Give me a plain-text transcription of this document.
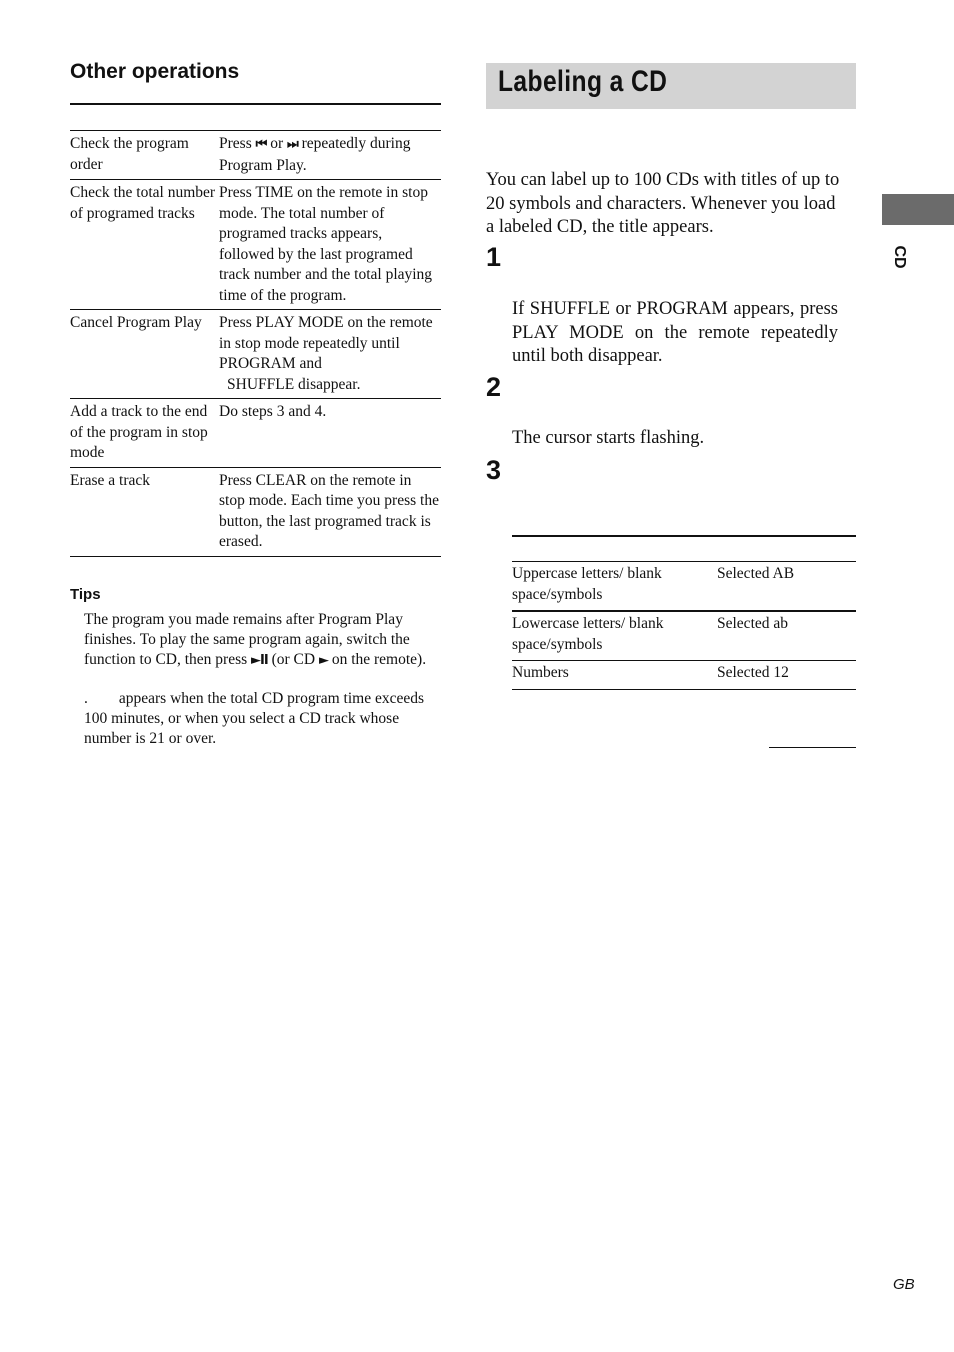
Other operations
Check the program order	Press ⏮ or ⏭ repeatedly during Program Play.
Check the total number of programed tracks	Press TIME on the remote in stop mode. The total number of programed tracks appears, followed by the last programed track number and the total playing time of the program.
Cancel Program Play	Press PLAY MODE on the remote in stop mode repeatedly until PROGRAM and
SHUFFLE disappear.
Add a track to the end of the program in stop mode	Do steps 3 and 4.
Erase a track	Press CLEAR on the remote in stop mode. Each time you press the button, the last programed track is erased.
Tips
The program you made remains after Program Play finishes. To play the same program again, switch the function to CD, then press ►II (or CD ► on the remote).
.        appears when the total CD program time exceeds 100 minutes, or when you select a CD track whose number is 21 or over.
Labeling a CD
You can label up to 100 CDs with titles of up to 20 symbols and characters. Whenever you load a labeled CD, the title appears.
1
If SHUFFLE or PROGRAM appears, press PLAY MODE on the remote repeatedly until both disappear.
2
The cursor starts flashing.
3
Uppercase letters/ blank space/symbols	Selected AB
Lowercase letters/ blank space/symbols	Selected ab
Numbers	Selected 12
CD
GB
